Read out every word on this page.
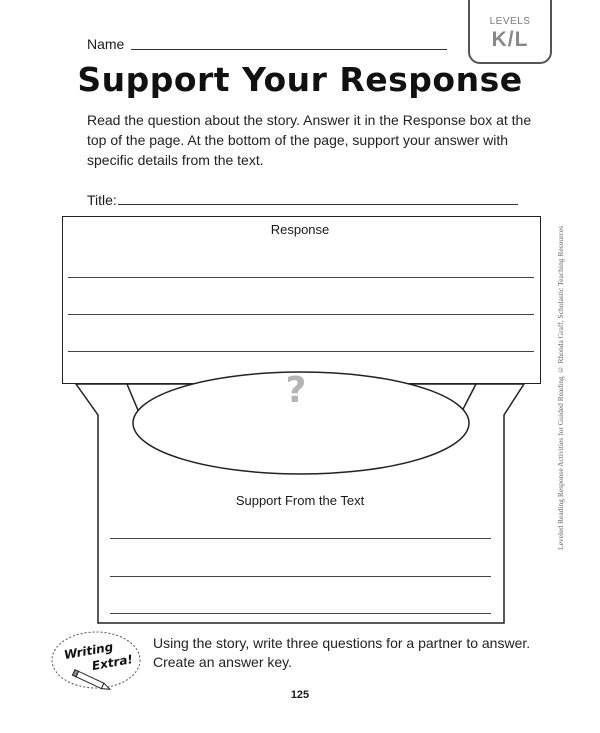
LEVELS
K/L
Name
Support Your Response
Read the question about the story. Answer it in the Response box at the top of the page. At the bottom of the page, support your answer with specific details from the text.
Title:
Leveled Reading Response Activities for Guided Reading © Rhonda Graff, Scholastic Teaching Resources
Response
?
Support From the Text
Writing
Extra!
Using the story, write three questions for a partner to answer. Create an answer key.
125
